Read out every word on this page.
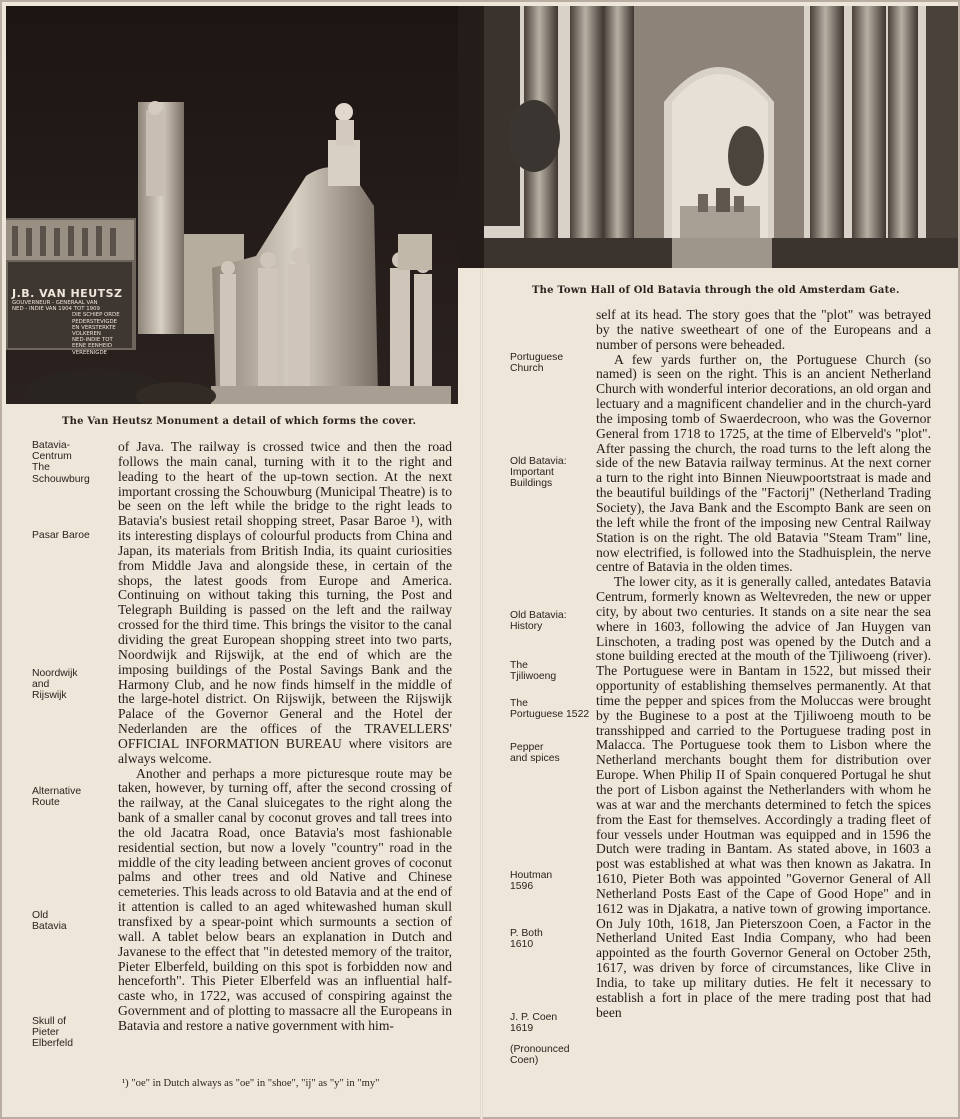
J.B. VAN HEUTSZ
GOUVERNEUR - GENERAAL VAN
NED - INDIE VAN 1904 TOT 1909
DIE SCHIEP ORDE
PEDERSTEVIGDE
EN VERSTERKTE
VOLKEREN
NED-INDIE TOT
EENE EENHEID
VEREENIGDE
The Van Heutsz Monument a detail of which forms the cover.
The Town Hall of Old Batavia through the old Amsterdam Gate.
Batavia-
Centrum
The
Schouwburg
Pasar Baroe
Noordwijk
and
Rijswijk
Alternative
Route
Old
Batavia
Skull of
Pieter
Elberfeld

of Java. The railway is crossed twice and then the road follows the main canal, turning with it to the right and leading to the heart of the up-town section. At the next important crossing the Schouwburg (Municipal Theatre) is to be seen on the left while the bridge to the right leads to Batavia's busiest retail shopping street, Pasar Baroe ¹), with its interesting displays of colourful products from China and Japan, its materials from British India, its quaint curiosities from Middle Java and alongside these, in certain of the shops, the latest goods from Europe and America. Continuing on without taking this turning, the Post and Telegraph Building is passed on the left and the railway crossed for the third time. This brings the visitor to the canal dividing the great European shopping street into two parts, Noordwijk and Rijswijk, at the end of which are the imposing buildings of the Postal Savings Bank and the Harmony Club, and he now finds himself in the middle of the large-hotel district. On Rijswijk, between the Rijswijk Palace of the Governor General and the Hotel der Nederlanden are the offices of the TRAVELLERS' OFFICIAL INFORMATION BUREAU where visitors are always welcome.

Another and perhaps a more picturesque route may be taken, however, by turning off, after the second crossing of the railway, at the Canal sluicegates to the right along the bank of a smaller canal by coconut groves and tall trees into the old Jacatra Road, once Batavia's most fashionable residential section, but now a lovely "country" road in the middle of the city leading between ancient groves of coconut palms and other trees and old Native and Chinese cemeteries. This leads across to old Batavia and at the end of it attention is called to an aged whitewashed human skull transfixed by a spear-point which surmounts a section of wall. A tablet below bears an explanation in Dutch and Javanese to the effect that "in detested memory of the traitor, Pieter Elberfeld, building on this spot is forbidden now and henceforth". This Pieter Elberfeld was an influential half-caste who, in 1722, was accused of conspiring against the Government and of plotting to massacre all the Europeans in Batavia and restore a native government with him-

¹) "oe" in Dutch always as "oe" in "shoe", "ij" as "y" in "my"
Portuguese
Church
Old Batavia:
Important
Buildings
Old Batavia:
History
The
Tjiliwoeng
The
Portuguese 1522
Pepper
and spices
Houtman
1596
P. Both
1610
J. P. Coen
1619
(Pronounced
Coen)

self at its head. The story goes that the "plot" was betrayed by the native sweetheart of one of the Europeans and a number of persons were beheaded.

A few yards further on, the Portuguese Church (so named) is seen on the right. This is an ancient Netherland Church with wonderful interior decorations, an old organ and lectuary and a magnificent chandelier and in the church-yard the imposing tomb of Swaerdecroon, who was the Governor General from 1718 to 1725, at the time of Elberveld's "plot". After passing the church, the road turns to the left along the side of the new Batavia railway terminus. At the next corner a turn to the right into Binnen Nieuwpoortstraat is made and the beautiful buildings of the "Factorij" (Netherland Trading Society), the Java Bank and the Escompto Bank are seen on the left while the front of the imposing new Central Railway Station is on the right. The old Batavia "Steam Tram" line, now electrified, is followed into the Stadhuisplein, the nerve centre of Batavia in the olden times.

The lower city, as it is generally called, antedates Batavia Centrum, formerly known as Weltevreden, the new or upper city, by about two centuries. It stands on a site near the sea where in 1603, following the advice of Jan Huygen van Linschoten, a trading post was opened by the Dutch and a stone building erected at the mouth of the Tjiliwoeng (river). The Portuguese were in Bantam in 1522, but missed their opportunity of establishing themselves permanently. At that time the pepper and spices from the Moluccas were brought by the Buginese to a post at the Tjiliwoeng mouth to be transshipped and carried to the Portuguese trading post in Malacca. The Portuguese took them to Lisbon where the Netherland merchants bought them for distribution over Europe. When Philip II of Spain conquered Portugal he shut the port of Lisbon against the Netherlanders with whom he was at war and the merchants determined to fetch the spices from the East for themselves. Accordingly a trading fleet of four vessels under Houtman was equipped and in 1596 the Dutch were trading in Bantam. As stated above, in 1603 a post was established at what was then known as Jakatra. In 1610, Pieter Both was appointed "Governor General of All Netherland Posts East of the Cape of Good Hope" and in 1612 was in Djakatra, a native town of growing importance. On July 10th, 1618, Jan Pieterszoon Coen, a Factor in the Netherland United East India Company, who had been appointed as the fourth Governor General on October 25th, 1617, was driven by force of circumstances, like Clive in India, to take up military duties. He felt it necessary to establish a fort in place of the mere trading post that had been
